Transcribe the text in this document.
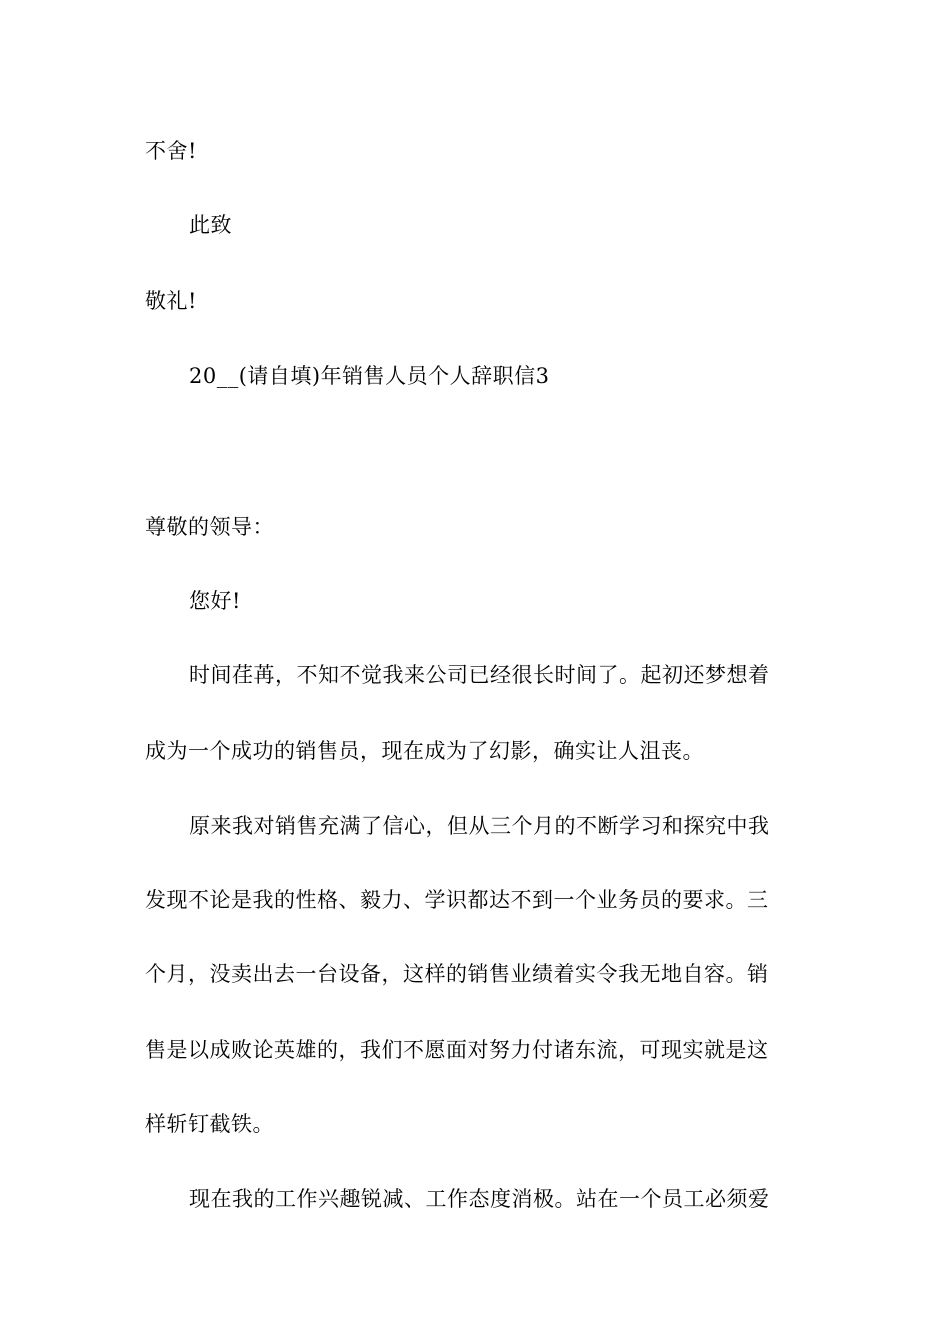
不舍!

此致

敬礼!

20__(请自填)年销售人员个人辞职信3

尊敬的领导：

您好!

时间荏苒，不知不觉我来公司已经很长时间了。起初还梦想着

成为一个成功的销售员，现在成为了幻影，确实让人沮丧。

原来我对销售充满了信心，但从三个月的不断学习和探究中我

发现不论是我的性格、毅力、学识都达不到一个业务员的要求。三

个月，没卖出去一台设备，这样的销售业绩着实令我无地自容。销

售是以成败论英雄的，我们不愿面对努力付诸东流，可现实就是这

样斩钉截铁。

现在我的工作兴趣锐减、工作态度消极。站在一个员工必须爱
